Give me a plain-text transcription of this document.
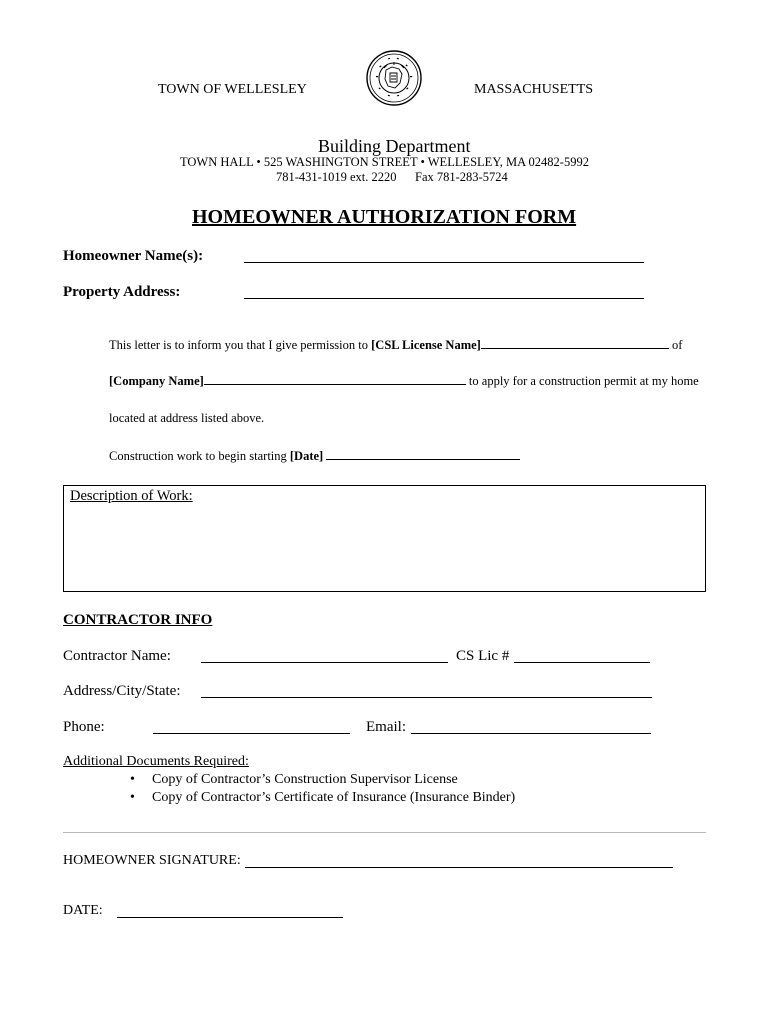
TOWN OF WELLESLEY	MASSACHUSETTS
Building Department
TOWN HALL • 525 WASHINGTON STREET • WELLESLEY, MA 02482-5992
781-431-1019 ext. 2220 Fax 781-283-5724
HOMEOWNER AUTHORIZATION FORM
Homeowner Name(s):
Property Address:
This letter is to inform you that I give permission to [CSL License Name]	of
[Company Name]	to apply for a construction permit at my home
located at address listed above.
Construction work to begin starting [Date]
Description of Work:
CONTRACTOR INFO
Contractor Name:	CS Lic #
Address/City/State:
Phone:	Email:
Additional Documents Required:
• Copy of Contractor’s Construction Supervisor License
• Copy of Contractor’s Certificate of Insurance (Insurance Binder)
HOMEOWNER SIGNATURE:
DATE:
